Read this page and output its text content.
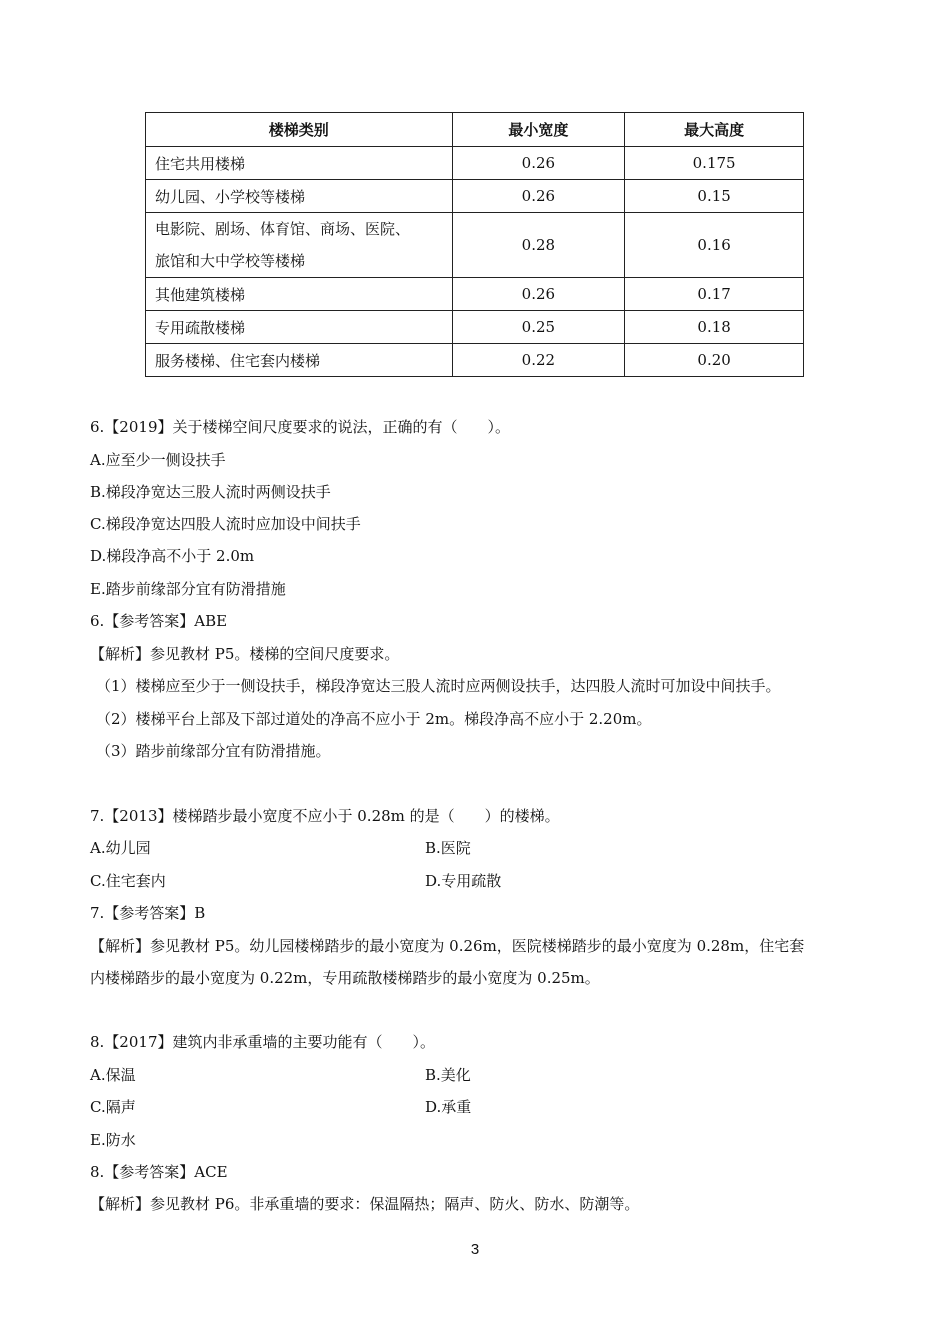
楼梯类别	最小宽度	最大高度
住宅共用楼梯	0.26	0.175
幼儿园、小学校等楼梯	0.26	0.15

电影院、剧场、体育馆、商场、医院、
旅馆和大中学校等楼梯	0.28	0.16
其他建筑楼梯	0.26	0.17
专用疏散楼梯	0.25	0.18
服务楼梯、住宅套内楼梯	0.22	0.20
6.【2019】关于楼梯空间尺度要求的说法，正确的有（　　）。
A.应至少一侧设扶手
B.梯段净宽达三股人流时两侧设扶手
C.梯段净宽达四股人流时应加设中间扶手
D.梯段净高不小于 2.0m
E.踏步前缘部分宜有防滑措施
6.【参考答案】ABE
【解析】参见教材 P5。楼梯的空间尺度要求。
（1）楼梯应至少于一侧设扶手，梯段净宽达三股人流时应两侧设扶手，达四股人流时可加设中间扶手。
（2）楼梯平台上部及下部过道处的净高不应小于 2m。梯段净高不应小于 2.20m。
（3）踏步前缘部分宜有防滑措施。
7.【2013】楼梯踏步最小宽度不应小于 0.28m 的是（　　）的楼梯。
A.幼儿园	B.医院
C.住宅套内	D.专用疏散
7.【参考答案】B
【解析】参见教材 P5。幼儿园楼梯踏步的最小宽度为 0.26m，医院楼梯踏步的最小宽度为 0.28m，住宅套
内楼梯踏步的最小宽度为 0.22m，专用疏散楼梯踏步的最小宽度为 0.25m。
8.【2017】建筑内非承重墙的主要功能有（　　）。
A.保温	B.美化
C.隔声	D.承重
E.防水
8.【参考答案】ACE
【解析】参见教材 P6。非承重墙的要求：保温隔热；隔声、防火、防水、防潮等。
3
